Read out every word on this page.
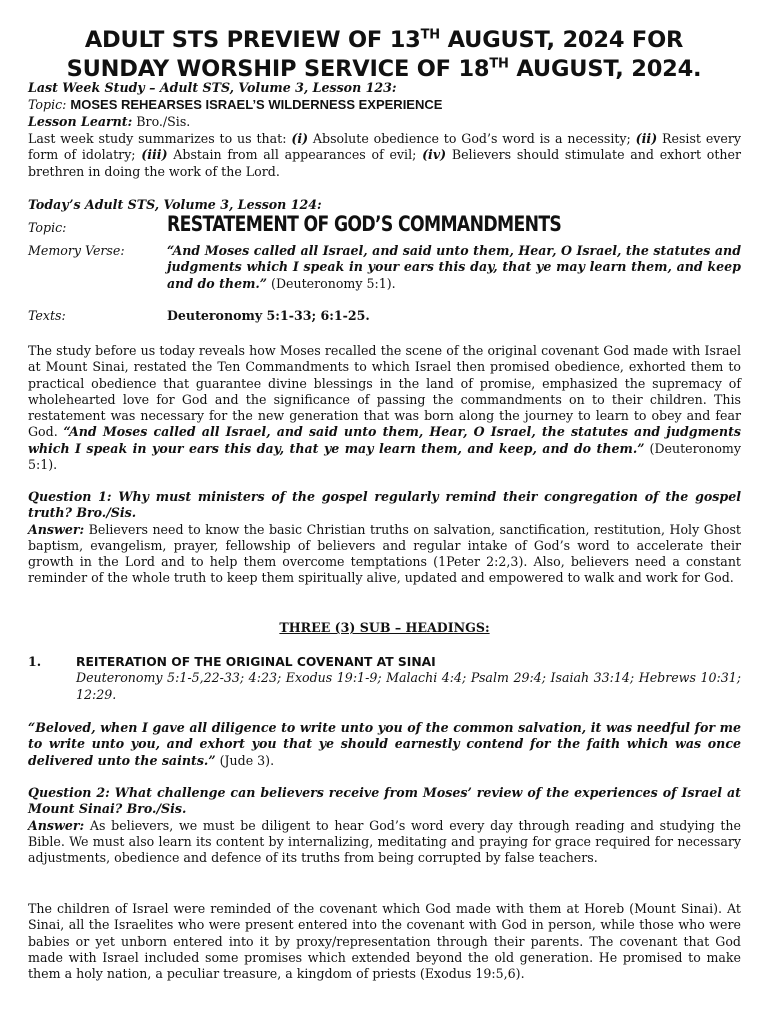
ADULT STS PREVIEW OF 13TH AUGUST, 2024 FOR
SUNDAY WORSHIP SERVICE OF 18TH AUGUST, 2024.
Last Week Study – Adult STS, Volume 3, Lesson 123:
Topic: MOSES REHEARSES ISRAEL’S WILDERNESS EXPERIENCE
Lesson Learnt: Bro./Sis.
Last week study summarizes to us that: (i) Absolute obedience to God’s word is a necessity; (ii) Resist every form of idolatry; (iii) Abstain from all appearances of evil; (iv) Believers should stimulate and exhort other brethren in doing the work of the Lord.
Today’s Adult STS, Volume 3, Lesson 124:
Topic:	RESTATEMENT OF GOD’S COMMANDMENTS
Memory Verse:	“And Moses called all Israel, and said unto them, Hear, O Israel, the statutes and judgments which I speak in your ears this day, that ye may learn them, and keep and do them.” (Deuteronomy 5:1).
Texts:	Deuteronomy 5:1-33; 6:1-25.
The study before us today reveals how Moses recalled the scene of the original covenant God made with Israel at Mount Sinai, restated the Ten Commandments to which Israel then promised obedience, exhorted them to practical obedience that guarantee divine blessings in the land of promise, emphasized the supremacy of wholehearted love for God and the significance of passing the commandments on to their children. This restatement was necessary for the new generation that was born along the journey to learn to obey and fear God. “And Moses called all Israel, and said unto them, Hear, O Israel, the statutes and judgments which I speak in your ears this day, that ye may learn them, and keep, and do them.” (Deuteronomy 5:1).
Question 1: Why must ministers of the gospel regularly remind their congregation of the gospel truth? Bro./Sis.
Answer: Believers need to know the basic Christian truths on salvation, sanctification, restitution, Holy Ghost baptism, evangelism, prayer, fellowship of believers and regular intake of God’s word to accelerate their growth in the Lord and to help them overcome temptations (1Peter 2:2,3). Also, believers need a constant reminder of the whole truth to keep them spiritually alive, updated and empowered to walk and work for God.
THREE (3) SUB – HEADINGS:
1.	REITERATION OF THE ORIGINAL COVENANT AT SINAI
Deuteronomy 5:1-5,22-33; 4:23; Exodus 19:1-9; Malachi 4:4; Psalm 29:4; Isaiah 33:14; Hebrews 10:31; 12:29.
“Beloved, when I gave all diligence to write unto you of the common salvation, it was needful for me to write unto you, and exhort you that ye should earnestly contend for the faith which was once delivered unto the saints.” (Jude 3).
Question 2: What challenge can believers receive from Moses’ review of the experiences of Israel at Mount Sinai? Bro./Sis.
Answer: As believers, we must be diligent to hear God’s word every day through reading and studying the Bible. We must also learn its content by internalizing, meditating and praying for grace required for necessary adjustments, obedience and defence of its truths from being corrupted by false teachers.
The children of Israel were reminded of the covenant which God made with them at Horeb (Mount Sinai). At Sinai, all the Israelites who were present entered into the covenant with God in person, while those who were babies or yet unborn entered into it by proxy/representation through their parents. The covenant that God made with Israel included some promises which extended beyond the old generation. He promised to make them a holy nation, a peculiar treasure, a kingdom of priests (Exodus 19:5,6).
